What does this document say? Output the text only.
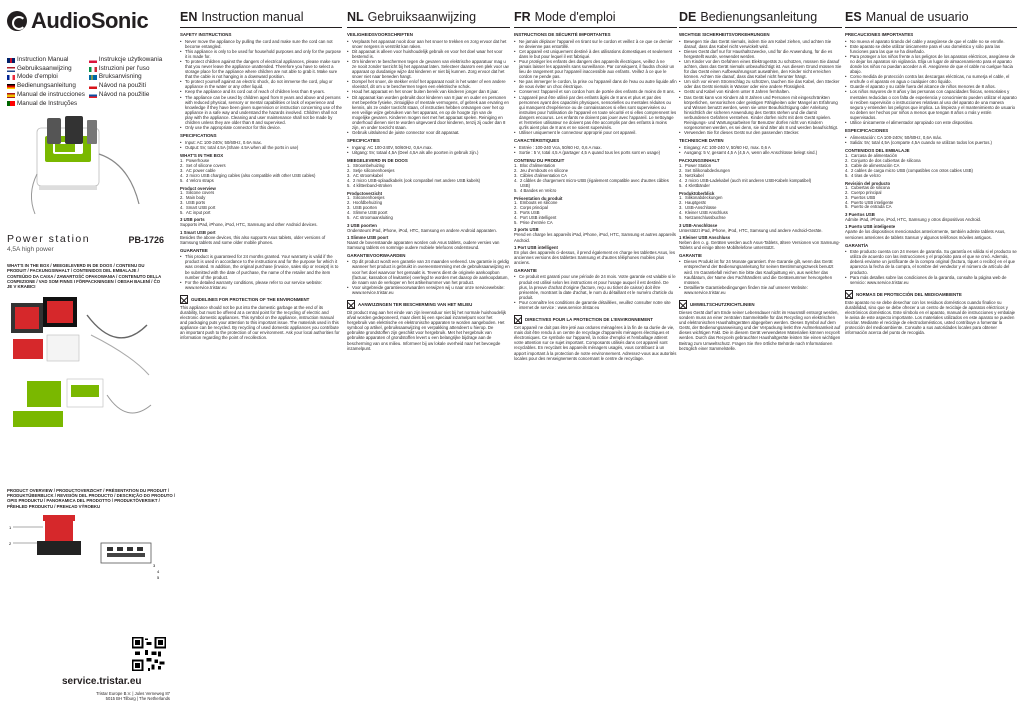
AudioSonic
Instruction Manual
Gebruiksaanwijzing
Mode d'emploi
Bedienungsanleitung
Manual de instrucciones
Manual de Instruções
Instrukcje użytkowania
Istruzioni per l'uso
Bruksanvisning
Návod na použití
Návod na použitie
Power station	PB-1726
4,5A high power
WHAT'S IN THE BOX / MEEGELEVERD IN DE DOOS / CONTENU DU PRODUIT / PACKUNGSINHALT / CONTENIDOS DEL EMBALAJE / CONTEÚDO DA CAIXA / ZAWARTOŚĆ OPAKOWANIA / CONTENUTO DELLA CONFEZIONE / VAD SOM FINNS I FÖRPACKNINGEN / OBSAH BALENÍ / ČO JE V KRABICI
PRODUCT OVERVIEW / PRODUCTOVERZICHT / PRÉSENTATION DU PRODUIT / PRODUKTÜBERBLICK / REVISIÓN DEL PRODUCTO / DESCRIÇÃO DO PRODUTO / OPIS PRODUKTU / PANORAMICA DEL PRODOTTO / PRODUKTÖVERSIKT / PŘEHLED PRODUKTU / PREHĽAD VÝROBKU
1
2
3
4
5
service.tristar.eu
Tristar Europe B.V. | Jules Verneweg 87
5015 BH Tilburg | The Netherlands
EN Instruction manual
SAFETY INSTRUCTIONS
• Never move the appliance by pulling the cord and make sure the cord can not become entangled.
• This appliance is only to be used for household purposes and only for the purpose it is made for.
• To protect children against the dangers of electrical appliances, please make sure that you never leave the appliance unattended. Therefore you have to select a storage place for the appliance where children are not able to grab it. Make sure that the cable is not hanging in a downward position.
• To protect yourself against an electric shock, do not immerse the cord, plug or appliance in the water or any other liquid.
• Keep the appliance and its cord out of reach of children less than 8 years.
• The appliance can be used by children aged from 8 years and above and persons with reduced physical, sensory or mental capabilities or lack of experience and knowledge if they have been given supervision or instruction concerning use of the appliance in a safe way and understand the hazards involved. Children shall not play with the appliance. Cleaning and user maintenance shall not be made by children unless they are older than 8 and supervised.
• Only use the appropriate connector for this device.
SPECIFICATIONS
• Input: AC 100-240V, 50/60Hz, 0.6A max.
• Output: 5V, total 4.5A (Share 4.5A when all the ports in use)
WHAT'S IN THE BOX
1. Powerhouse
2. Set of silicone covers
3. AC power cable
4. 2 micro USB charging cables (also compatible with other USB cables)
5. 4 Velcro straps
Product overview
1. Silicone covers
2. Main body
3. USB ports
4. Smart USB port
5. AC input port
3 USB ports

Supports iPad, iPhone, iPod, HTC, Samsung and other Android devices.

1 Smart USB port

Besides the above devices, this also supports Asus tablets, older versions of Samsung tablets and some older mobile phones.

GUARANTEE
• This product is guaranteed for 24 months granted. Your warranty is valid if the product is used in accordance to the instructions and for the purpose for which it was created. In addition, the original purchase (invoice, sales slip or receipt) is to be submitted with the date of purchase, the name of the retailer and the item number of the product.
• For the detailed warranty conditions, please refer to our service website: www.service.tristar.eu
GUIDELINES FOR PROTECTION OF THE ENVIRONMENT

This appliance should not be put into the domestic garbage at the end of its durability, but must be offered at a central point for the recycling of electric and electronic domestic appliances. This symbol on the appliance, instruction manual and packaging puts your attention to this important issue. The materials used in this appliance can be recycled. By recycling of used domestic appliances you contribute an important push to the protection of our environment. Ask your local authorities for information regarding the point of recollection.

NL Gebruiksaanwijzing
VEILIGHEIDSVOORSCHRIFTEN
• Verplaats het apparaat nooit door aan het snoer te trekken en zorg ervoor dat het snoer nergens in verstrikt kan raken.
• Dit apparaat is alleen voor huishoudelijk gebruik en voor het doel waar het voor bestemd is.
• Om kinderen te beschermen tegen de gevaren van elektrische apparatuur mag u ze nooit zonder toezicht bij het apparaat laten. Selecteer daarom een plek voor uw apparaat op dusdanige wijze dat kinderen er niet bij kunnen. Zorg ervoor dat het snoer niet naar beneden hangt.
• Dompel het snoer, de stekker en/of het apparaat nooit in het water of een andere vloeistof, dit om u te beschermen tegen een elektrische schok.
• Houd het apparaat en het snoer buiten bereik van kinderen jonger dan 8 jaar.
• Dit apparaat kan worden gebruikt door kinderen van 8 jaar en ouder en personen met beperkte fysieke, zintuiglijke of mentale vermogens, of gebrek aan ervaring en kennis, als ze onder toezicht staan, of instructies hebben ontvangen over het op een veilige wijze gebruiken van het apparaat, en op de hoogte zijn van de mogelijke gevaren. Kinderen mogen niet met het apparaat spelen. Reiniging en onderhoud dienen niet te worden uitgevoerd door kinderen, tenzij zij ouder dan 8 zijn, en onder toezicht staan.
• Gebruik uitsluitend de juiste connector voor dit apparaat.
SPECIFICATIES
• Ingang: AC 100-240V, 50/60Hz, 0,6A max.
• Uitgang: 5V, totaal 4,5A (Deel 4,5A als alle poorten in gebruik zijn.)
MEEGELEVERD IN DE DOOS
1. Stroombehuizing
2. Setje siliconenhoesjes
3. AC stroomkabel
4. 2 micro USB-oplaadkabels (ook compatibel met andere USB kabels)
5. 4 klittenband-stroken
Productoverzicht
1. Siliconenhoesjes
2. Hoofdbehuizing
3. USB poorten
4. Slimme USB poort
5. AC stroomaansluiting
3 USB poorten

Ondersteunt iPad, iPhone, iPod, HTC, Samsung en andere Android apparaten.

1 Slimme USB poort

Naast de bovenstaande apparaten worden ook Asus tablets, oudere versies van Samsung tablets en sommige oudere mobiele telefoons ondersteund.

GARANTIEVOORWAARDEN
• Op dit product wordt een garantie van 24 maanden verleend. Uw garantie is geldig wanneer het product is gebruikt in overeenstemming met de gebruiksaanwijzing en voor het doel waarvoor het gemaakt is. Tevens dient de originele aankoopbon (factuur, kassabon of kwitantie) overlegd te worden met daarop de aankoopdatum, de naam van de verkoper en het artikelnummer van het product.
• Voor uitgebreide garantievoorwaarden verwijzen wij u naar onze servicewebsite: www.service.tristar.eu
AANWIJZINGEN TER BESCHERMING VAN HET MILIEU

Dit product mag aan het einde van zijn levensduur niet bij het normale huishoudelijk afval worden gedeponeerd, maar dient bij een speciaal inzamelpunt voor het hergebruik van elektrische en elektronische apparaten te worden aangeboden. Het symbool op artikel, gebruiksaanwijzing en verpakking attendeert u hierop. De gebruikte grondstoffen zijn geschikt voor hergebruik. Met het hergebruik van gebruikte apparaten of grondstoffen levert u een belangrijke bijdrage aan de bescherming van ons milieu. Informeer bij uw lokale overheid naar het bevoegde inzamelpunt.

FR Mode d'emploi
INSTRUCTIONS DE SÉCURITÉ IMPORTANTES
• Ne jamais déplacer l'appareil en tirant sur le cordon et veillez à ce que ce dernier ne devienne pas entortillé.
• Cet appareil est uniquement destiné à des utilisations domestiques et seulement dans le but pour lequel il est fabriqué.
• Pour protéger les enfants des dangers des appareils électriques, veillez à ne jamais laisser les appareils sans surveillance. Par conséquent, il faudra choisir un lieu de rangement pour l'appareil inaccessible aux enfants. Veillez à ce que le cordon ne pende pas.
• Ne pas immerger le cordon, la prise ou l'appareil dans de l'eau ou autre liquide afin de vous éviter un choc électrique.
• Conservez l'appareil et son cordon hors de portée des enfants de moins de 8 ans.
• L'appareil peut être utilisé par des enfants âgés de 8 ans et plus et par des personnes ayant des capacités physiques, sensorielles ou mentales réduites ou qui manquent d'expérience ou de connaissances si elles sont supervisées ou instruites pour l'utilisation de l'appareil en toute sécurité et si elles comprennent les dangers encourus. Les enfants ne doivent pas jouer avec l'appareil. Le nettoyage et l'entretien utilisateur ne doivent pas être accomplis par des enfants à moins qu'ils aient plus de 8 ans et ne soient supervisés.
• Utiliser uniquement le connecteur approprié pour cet appareil.
CARACTÉRISTIQUES
• Entrée : 100-240 Vca, 50/60 Hz, 0,6 A max.
• Sortie : 5 V, total 4,5 A (partager 4,5 A quand tous les ports sont en usage)
CONTENU DU PRODUIT
1. Bloc d'alimentation
2. Jeu d'embouts en silicone
3. Câbles d'alimentation CA
4. 2 câbles de chargement micro-USB (également compatible avec d'autres câbles USB)
5. 4 Bandes en Velcro
Présentation du produit
1. Embouts en silicone
2. Corps principal
3. Ports USB
4. Port USB intelligent
5. Prise d'entrée CA
3 ports USB

Prend en charge les appareils iPad, iPhone, iPod, HTC, Samsung et autres appareils Android.

1 Port USB intelligent

En plus des appareils ci-dessus, il prend également en charge les tablettes Asus, les anciennes versions des tablettes Samsung et d'autres téléphones mobiles plus anciens.

GARANTIE
• Ce produit est garanti pour une période de 24 mois. Votre garantie est valable si le produit est utilisé selon les instructions et pour l'usage auquel il est destiné. De plus, la preuve d'achat d'origine (facture, reçu ou ticket de caisse) doit être présentée, montrant la date d'achat, le nom du détaillant et le numéro d'article du produit.
• Pour connaître les conditions de garantie détaillées, veuillez consulter notre site internet de service : www.service.tristar.eu
DIRECTIVES POUR LA PROTECTION DE L'ENVIRONNEMENT

Cet appareil ne doit pas être jeté aux ordures ménagères à la fin de sa durée de vie, mais doit être rendu à un centre de recyclage d'appareils ménagers électriques et électroniques. Ce symbole sur l'appareil, la notice d'emploi et l'emballage attirent votre attention sur ce sujet important. Composants utilisés dans cet appareil sont recyclables. En recyclant les appareils ménagers usagés, vous contribuez à un apport important à la protection de notre environnement. Adressez-vous aux autorités locales pour des renseignements concernant le centre de recyclage.

DE Bedienungsanleitung
WICHTIGE SICHERHEITSVORKEHRUNGEN
• Bewegen Sie das Gerät niemals, indem Sie am Kabel ziehen, und achten Sie darauf, dass das Kabel nicht verwickelt wird.
• Dieses Gerät darf nur für Haushaltszwecke, und für die Anwendung, für die es hergestellt wurde, verwendet werden.
• Um Kinder vor den Gefahren eines Elektrogeräts zu schützen, müssen Sie darauf achten, dass das Gerät niemals unbeaufsichtigt ist. Aus diesem Grund müssen Sie für das Gerät einen Aufbewahrungsort auswählen, den Kinder nicht erreichen können. Achten Sie darauf, dass das Kabel nicht herunter hängt.
• Um sich vor einem Stromschlag zu schützen, tauchen Sie das Kabel, den Stecker oder das Gerät niemals in Wasser oder eine andere Flüssigkeit.
• Gerät und Kabel von Kindern unter 8 Jahren fernhalten.
• Das Gerät kann von Kindern ab 8 Jahren und Personen mit eingeschränkten körperlichen, sensorischen oder geistigen Fähigkeiten oder Mangel an Erfahrung und Wissen benutzt werden, wenn sie unter Beaufsichtigung oder Anleitung hinsichtlich der sicheren Anwendung des Geräts stehen und die damit verbundenen Gefahren verstehen. Kinder dürfen nicht mit dem Gerät spielen. Reinigungs- und Wartungsarbeiten für Benutzer dürfen nicht von Kindern vorgenommen werden, es sei denn, sie sind älter als 8 und werden beaufsichtigt.
• Verwenden Sie für dieses Gerät nur den passenden Stecker.
TECHNISCHE DATEN
• Eingang: AC 100-240 V, 50/60 Hz, max. 0,6 A
• Ausgang: 5 V, gesamt 4,5 A (4,5 A, wenn alle Anschlüsse belegt sind.)
PACKUNGSINHALT
1. Power Station
2. Set Silikonabdeckungen
3. Netzkabel
4. 2 micro USB-Ladekabel (auch mit anderen USB-Kabeln kompatibel)
5. 4 Klettbänder
Produktüberblick
1. Silikonabdeckungen
2. Hauptgerät
3. USB-Anschlüsse
4. Kleiner USB Anschluss
5. Netzanschlussbuchse
3 USB-Anschlüsse

Unterstützt iPad, iPhone, iPod, HTC, Samsung und andere Android-Geräte.

1 Kleiner USB Anschluss

Neben den o. g. Geräten werden auch Asus-Tablets, ältere Versionen von Samsung-Tablets und einige ältere Mobiltelefone unterstützt.

GARANTIE
• Dieses Produkt ist für 24 Monate garantiert. Ihre Garantie gilt, wenn das Gerät entsprechend der Bedienungsanleitung für seinen Bestimmungszweck benutzt wird. Im Garantiefall reichen Sie bitte das Kaufquittung ein, aus welcher das Kaufdatum, der Name des Fachhändlers und die Gerätenummer hervorgehen müssen.
• Detaillierte Garantiebedingungen finden Sie auf unserer Website: www.service.tristar.eu
UMWELTSCHUTZRICHTLINIEN

Dieses Gerät darf am Ende seiner Lebensdauer nicht im Hausmüll entsorgt werden, sondern muss an einer zentralen Sammelstelle für das Recycling von elektrischen und elektronischen Haushaltsgeräten abgegeben werden. Dieses Symbol auf dem Gerät, der Bedienungsanweisung und der Verpackung lenkt Ihre Aufmerksamkeit auf dieses wichtigen Fakt. Die in diesem Gerät verwendeten Materialien können recycelt werden. Durch das Recyceln gebrauchter Haushaltgeräte leisten Sie einen wichtigen Beitrag zum Umweltschutz. Fragen Sie Ihre örtliche Behörde nach Informationen bezüglich einer Sammelstelle.

ES Manual de usuario
PRECAUCIONES IMPORTANTES
• No mueva el aparato tirando del cable y asegúrese de que el cable no se enrolle.
• Este aparato se debe utilizar únicamente para el uso doméstico y sólo para las funciones para las que se ha diseñado.
• Para proteger a los niños frente a los peligros de los aparatos eléctricos, asegúrese de no dejar los aparatos sin vigilancia. Elija un lugar de almacenamiento para el aparato donde los niños no puedan acceder a él. Asegúrese de que el cable no cuelgue hacia abajo.
• Como medida de protección contra las descargas eléctricas, no sumerja el cable, el enchufe o el aparato en agua o cualquier otro líquido.
• Guarde el aparato y su cable fuera del alcance de niños menores de 8 años.
• Los niños mayores de 8 años y las personas con capacidades físicas, sensoriales y mentales reducidas o con falta de experiencia y conocimiento pueden utilizar el aparato si reciben supervisión o instrucciones relativas al uso del aparato de una manera segura y entienden los peligros que implica. La limpieza y el mantenimiento de usuario no deben ser hechos por niños a menos que tengan 8 años o más y estén supervisados.
• Utilice únicamente el alimentador apropiado con este dispositivo.
ESPECIFICACIONES
• Alimentación: CA 100-240V, 50/60Hz, 0,6A máx.
• Salida: 5V, total 4,5A (comparte 4,5A cuando se utilizan todos los puertos.)
CONTENIDOS DEL EMBALAJE
1. Carcasa de alimentación
2. Conjunto de dos cubiertas de silicona
3. Cable de alimentación CA
4. 2 cables de carga micro USB (compatibles con otros cables USB)
5. 4 tiras de velcro
Revisión del producto
1. Cubiertas de silicona
2. Cuerpo principal
3. Puertos USB
4. Puerto USB inteligente
5. Puerto de entrada CA
3 Puertos USB

Admite iPad, iPhone, iPod, HTC, Samsung y otros dispositivos Android.

1 Puerto USB inteligente

Aparte de los dispositivos mencionados anteriormente, también admite tablets Asus, versiones anteriores de tablets Sansun y algunos teléfonos móviles antiguos.

GARANTÍA
• Este producto cuenta con 24 meses de garantía. Su garantía es válida si el producto se utiliza de acuerdo con las instrucciones y el propósito para el que se creó. Además, deberá enviarse un justificante de la compra original (factura, tíquet o recibo) en el que aparezca la fecha de la compra, el nombre del vendedor y el número de artículo del producto.
• Para más detalles sobre las condiciones de la garantía, consulte la página web de servicio: www.service.tristar.eu
NORMAS DE PROTECCIÓN DEL MEDIOAMBIENTE

Este aparato no se debe desechar con los residuos domésticos cuando finalice su durabilidad, sino que se debe ofrecer a un centro de reciclaje de aparatos eléctricos y electrónicos domésticos. Este símbolo en el aparato, manual de instrucciones y embalaje le avisa de este aspecto importante. Los materiales utilizados en este aparato se pueden reciclar. Mediante el reciclaje de electrodomésticos, usted contribuye a fomentar la protección del medioambiente. Consulte a sus autoridades locales para obtener información acerca del punto de recogida.
